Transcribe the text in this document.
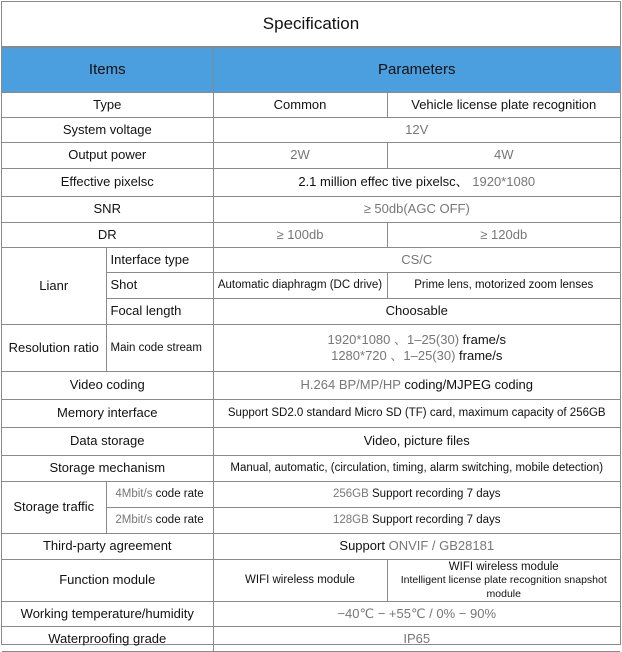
Specification
Items		Parameters	
Type		Common	Vehicle license plate recognition
System voltage		12V	
Output power		2W	4W
Effective pixelsc		2.1 million effec tive pixelsc、 1920*1080	
SNR		≥ 50db(AGC OFF)	
DR		≥ 100db	≥ 120db
Lianr	Interface type	CS/C	
	Shot	Automatic diaphragm (DC drive)	Prime lens, motorized zoom lenses
	Focal length	Choosable	
Resolution ratio	Main code stream	1920*1080 、1–25(30) frame/s
1280*720 、1–25(30) frame/s	

Video coding		H.264 BP/MP/HP coding/MJPEG coding	
Memory interface		Support SD2.0 standard Micro SD (TF) card, maximum capacity of 256GB	
Data storage		Video, picture files	
Storage mechanism		Manual, automatic, (circulation, timing, alarm switching, mobile detection)	
Storage traffic	4Mbit/s code rate	256GB Support recording 7 days	
	2Mbit/s code rate	128GB Support recording 7 days	
Third-party agreement		Support ONVIF / GB28181	
Function module		WIFI wireless module	WIFI wireless module
Intelligent license plate recognition snapshot module

Working temperature/humidity		−40℃ − +55℃ / 0% − 90%	
Waterproofing grade		IP65	
